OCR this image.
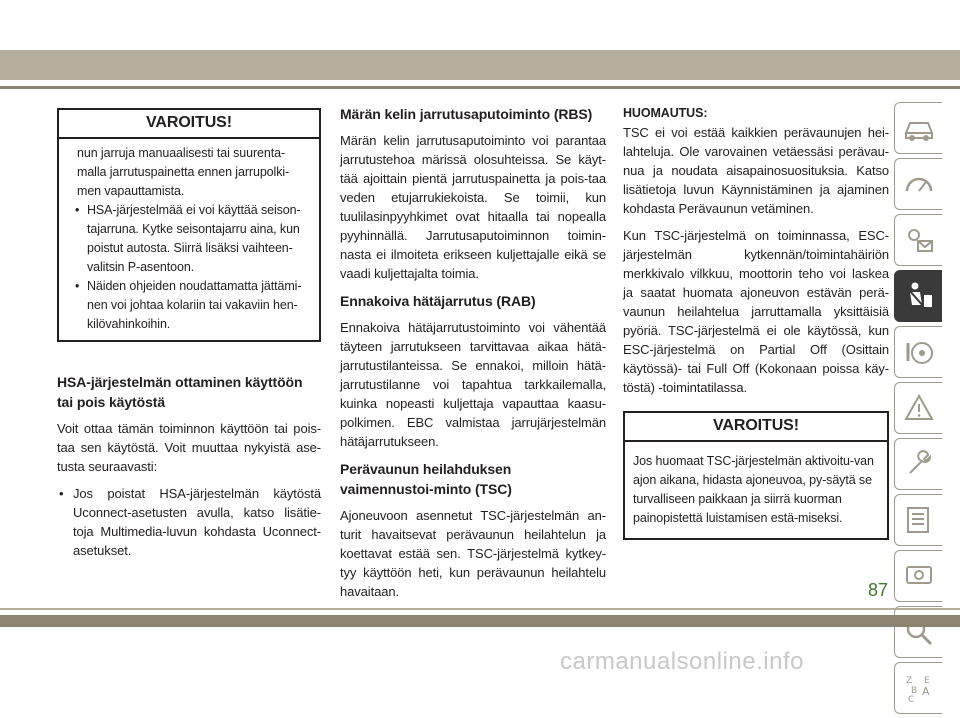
VAROITUS!
nun jarruja manuaalisesti tai suurenta-malla jarrutuspainetta ennen jarrupolki-men vapauttamista.
• HSA-järjestelmää ei voi käyttää seison-tajarruna. Kytke seisontajarru aina, kun poistut autosta. Siirrä lisäksi vaihteen-valitsin P-asentoon.
• Näiden ohjeiden noudattamatta jättämi-nen voi johtaa kolariin tai vakaviin hen-kilövahinkoihin.
HSA-järjestelmän ottaminen käyttöön tai pois käytöstä

Voit ottaa tämän toiminnon käyttöön tai pois-taa sen käytöstä. Voit muuttaa nykyistä ase-tusta seuraavasti:

• Jos poistat HSA-järjestelmän käytöstä Uconnect-asetusten avulla, katso lisätie-toja Multimedia-luvun kohdasta Uconnect-asetukset.
Märän kelin jarrutusaputoiminto (RBS)

Märän kelin jarrutusaputoiminto voi parantaa jarrutustehoa märissä olosuhteissa. Se käyt-tää ajoittain pientä jarrutuspainetta ja pois-taa veden etujarrukiekoista. Se toimii, kun tuulilasinpyyhkimet ovat hitaalla tai nopealla pyyhinnällä. Jarrutusaputoiminnon toimin-nasta ei ilmoiteta erikseen kuljettajalle eikä se vaadi kuljettajalta toimia.

Ennakoiva hätäjarrutus (RAB)

Ennakoiva hätäjarrutustoiminto voi vähentää täyteen jarrutukseen tarvittavaa aikaa hätä-jarrutustilanteissa. Se ennakoi, milloin hätä-jarrutustilanne voi tapahtua tarkkailemalla, kuinka nopeasti kuljettaja vapauttaa kaasu-polkimen. EBC valmistaa jarrujärjestelmän hätäjarrutukseen.

Perävaunun heilahduksen vaimennustoi-minto (TSC)

Ajoneuvoon asennetut TSC-järjestelmän an-turit havaitsevat perävaunun heilahtelun ja koettavat estää sen. TSC-järjestelmä kytkey-tyy käyttöön heti, kun perävaunun heilahtelu havaitaan.

HUOMAUTUS:

TSC ei voi estää kaikkien perävaunujen hei-lahteluja. Ole varovainen vetäessäsi perävau-nua ja noudata aisapainosuosituksia. Katso lisätietoja luvun Käynnistäminen ja ajaminen kohdasta Perävaunun vetäminen.

Kun TSC-järjestelmä on toiminnassa, ESC-järjestelmän kytkennän/toimintahäiriön merkkivalo vilkkuu, moottorin teho voi laskea ja saatat huomata ajoneuvon estävän perä-vaunun heilahtelua jarruttamalla yksittäisiä pyöriä. TSC-järjestelmä ei ole käytössä, kun ESC-järjestelmä on Partial Off (Osittain käytössä)- tai Full Off (Kokonaan poissa käy-töstä) -toimintatilassa.

VAROITUS!
Jos huomaat TSC-järjestelmän aktivoitu-van ajon aikana, hidasta ajoneuvoa, py-säytä se turvalliseen paikkaan ja siirrä kuorman painopistettä luistamisen estä-miseksi.
Z E
B A
C
87
carmanualsonline.info
